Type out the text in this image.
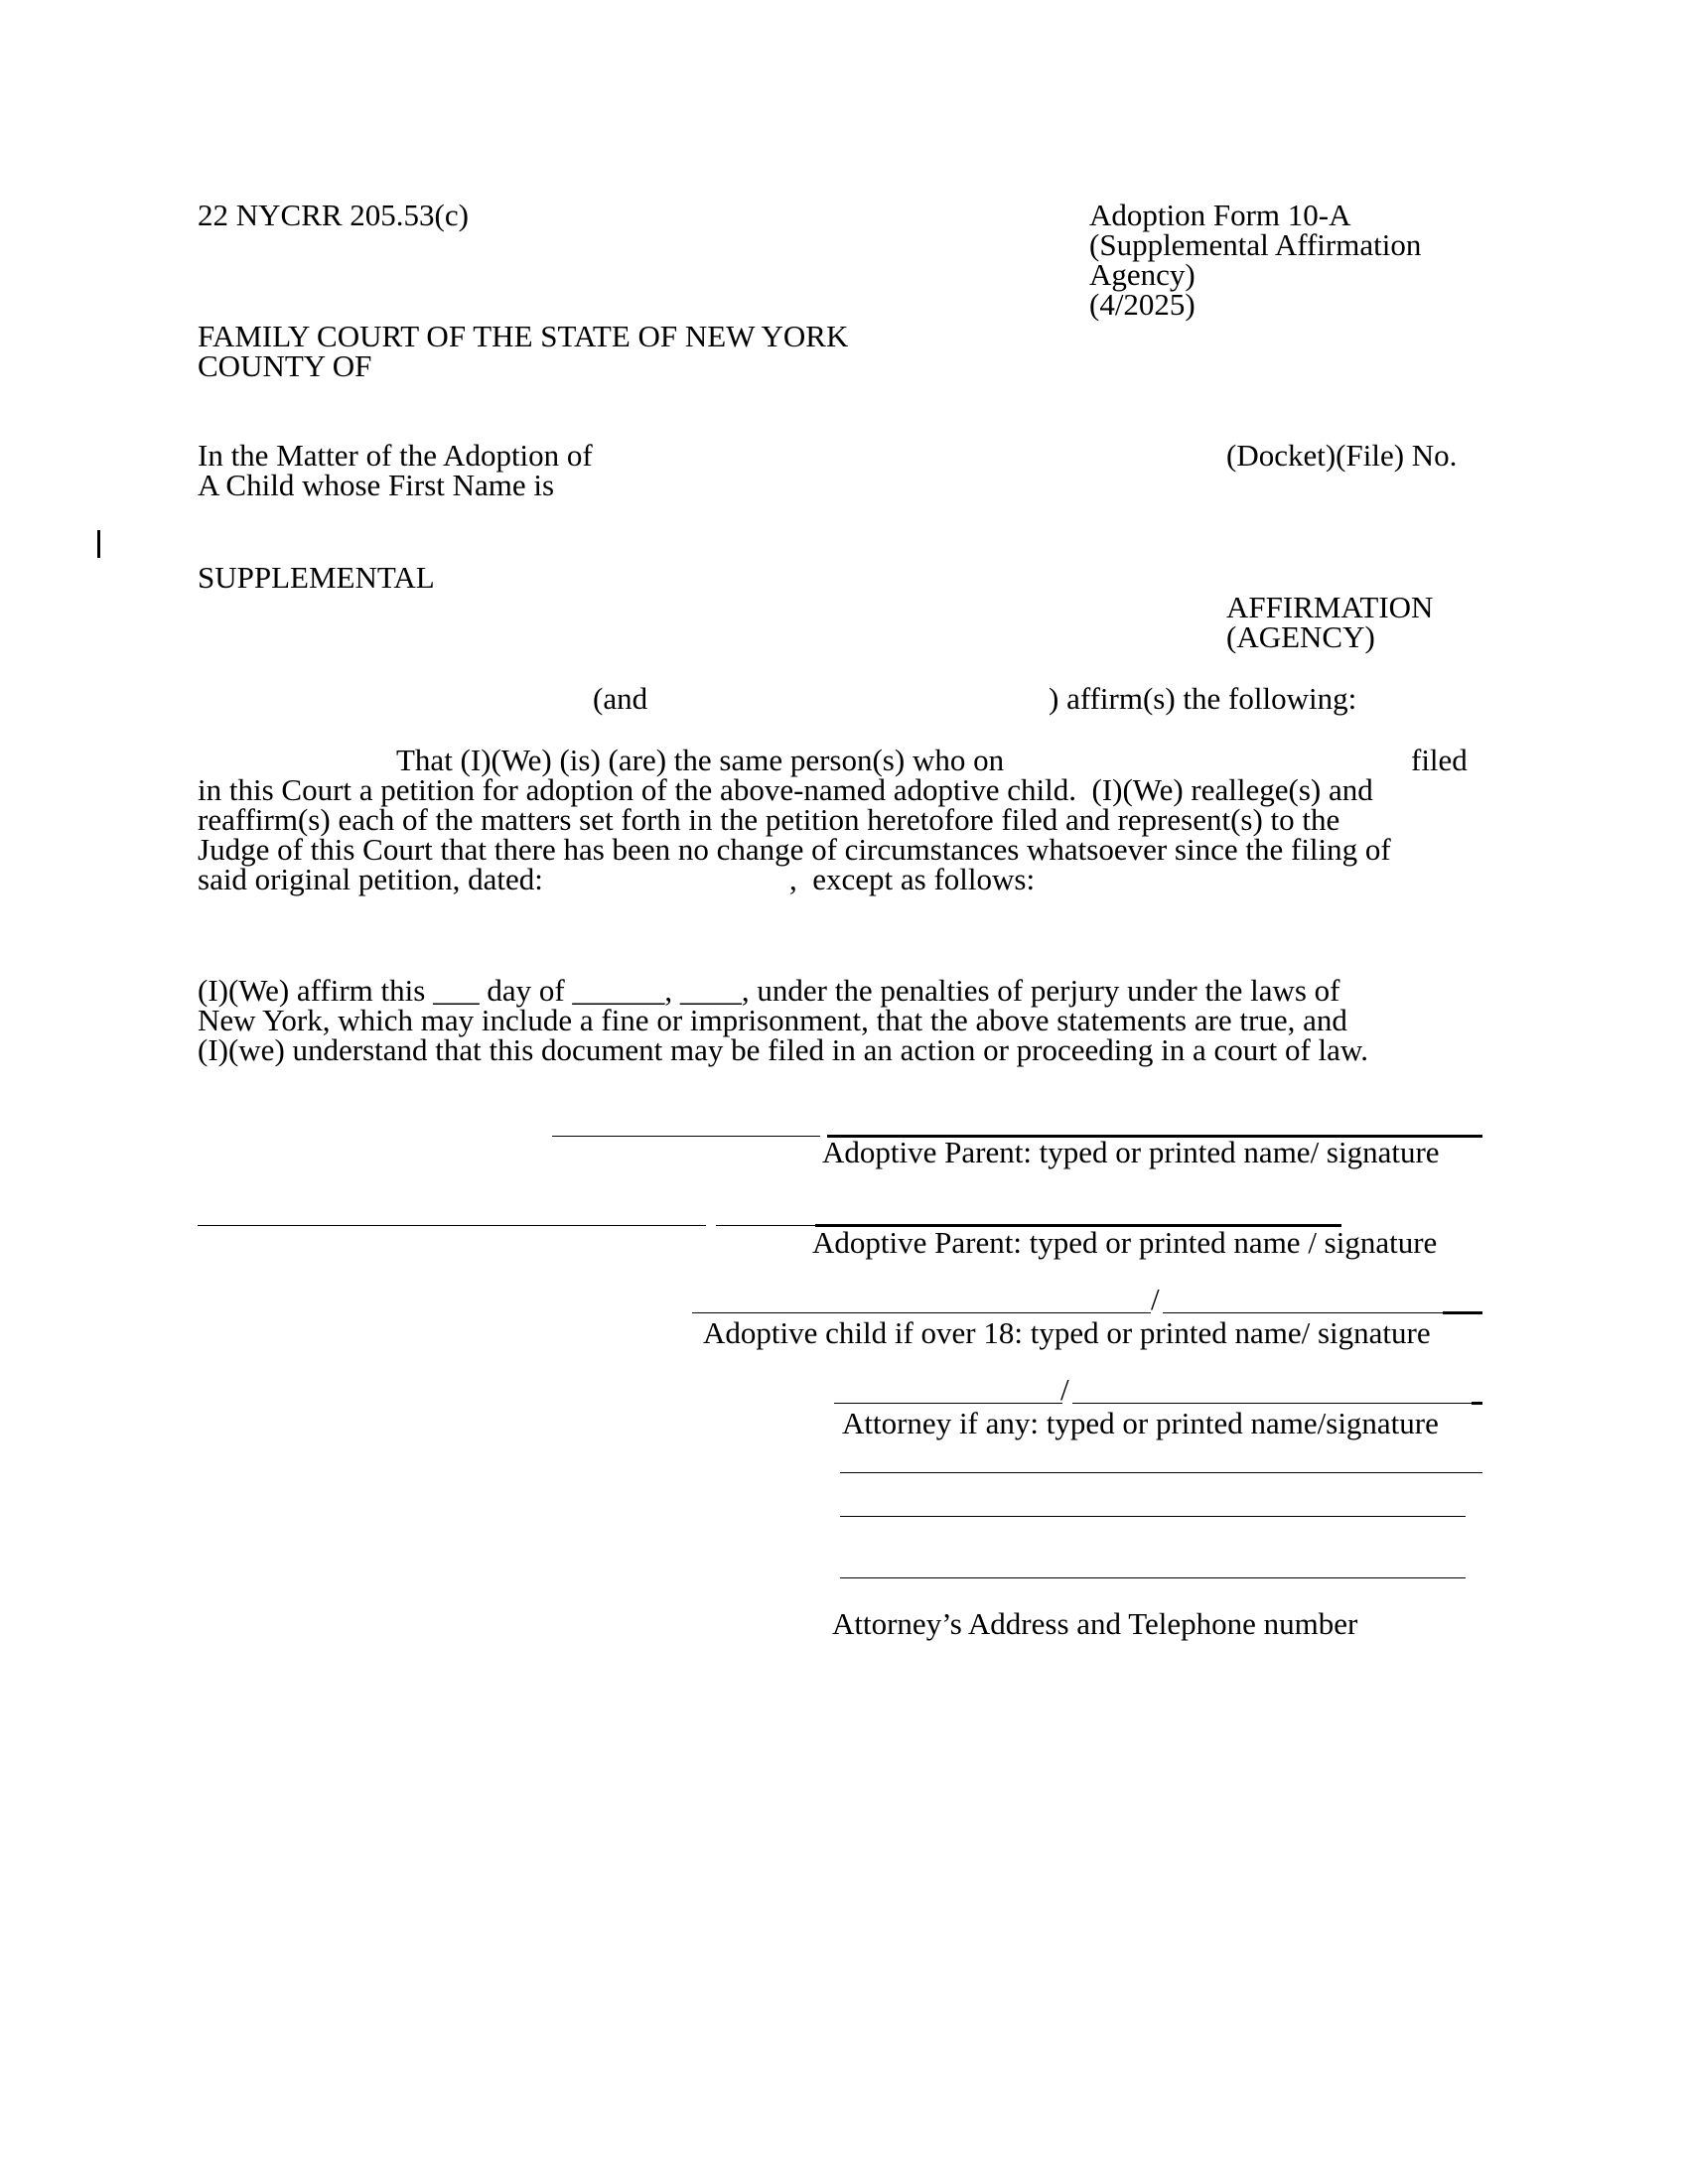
22 NYCRR 205.53(c)	Adoption Form 10-A
(Supplemental Affirmation
Agency)
(4/2025)
FAMILY COURT OF THE STATE OF NEW YORK
COUNTY OF
In the Matter of the Adoption of
A Child whose First Name is
(Docket)(File) No.
SUPPLEMENTAL
AFFIRMATION
(AGENCY)
(and	) affirm(s) the following:
That (I)(We) (is) (are) the same person(s) who on	filed
in this Court a petition for adoption of the above-named adoptive child.  (I)(We) reallege(s) and
reaffirm(s) each of the matters set forth in the petition heretofore filed and represent(s) to the
Judge of this Court that there has been no change of circumstances whatsoever since the filing of
said original petition, dated:	,  except as follows:
(I)(We) affirm this ___ day of ______, ____, under the penalties of perjury under the laws of
New York, which may include a fine or imprisonment, that the above statements are true, and
(I)(we) understand that this document may be filed in an action or proceeding in a court of law.
Adoptive Parent: typed or printed name/ signature
Adoptive Parent: typed or printed name / signature
/
Adoptive child if over 18: typed or printed name/ signature
/
Attorney if any: typed or printed name/signature
Attorney’s Address and Telephone number
